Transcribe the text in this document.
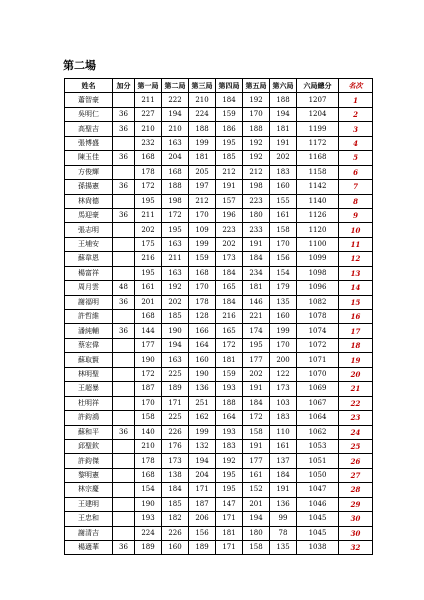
第二場
姓名	加分	第一局	第二局	第三局	第四局	第五局	第六局	六局總分	名次
蕭智豪		211	222	210	184	192	188	1207	1
吳明仁	36	227	194	224	159	170	194	1204	2
高聖吉	36	210	210	188	186	188	181	1199	3
張博盛		232	163	199	195	192	191	1172	4
陳玉佳	36	168	204	181	185	192	202	1168	5
方俊輝		178	168	205	212	212	183	1158	6
孫揚憲	36	172	188	197	191	198	160	1142	7
林尙德		195	198	212	157	223	155	1140	8
馬迎豪	36	211	172	170	196	180	161	1126	9
張志明		202	195	109	223	233	158	1120	10
王埔安		175	163	199	202	191	170	1100	11
蘇韋恩		216	211	159	173	184	156	1099	12
楊富祥		195	163	168	184	234	154	1098	13
周月雲	48	161	192	170	165	181	179	1096	14
謝福明	36	201	202	178	184	146	135	1082	15
許哲維		168	185	128	216	221	160	1078	16
潘純輔	36	144	190	166	165	174	199	1074	17
蔡宏偉		177	194	164	172	195	170	1072	18
蘇取賢		190	163	160	181	177	200	1071	19
林明聖		172	225	190	159	202	122	1070	20
王超暴		187	189	136	193	191	173	1069	21
杜明祥		170	171	251	188	184	103	1067	22
許鈞鴻		158	225	162	164	172	183	1064	23
蘇和平	36	140	226	199	193	158	110	1062	24
邱聖欽		210	176	132	183	191	161	1053	25
許鈞傑		178	173	194	192	177	137	1051	26
黎明憲		168	138	204	195	161	184	1050	27
林宗慶		154	184	171	195	152	191	1047	28
王建明		190	185	187	147	201	136	1046	29
王忠和		193	182	206	171	194	99	1045	30
謝清吉		224	226	156	181	180	78	1045	30
楊適華	36	189	160	189	171	158	135	1038	32
